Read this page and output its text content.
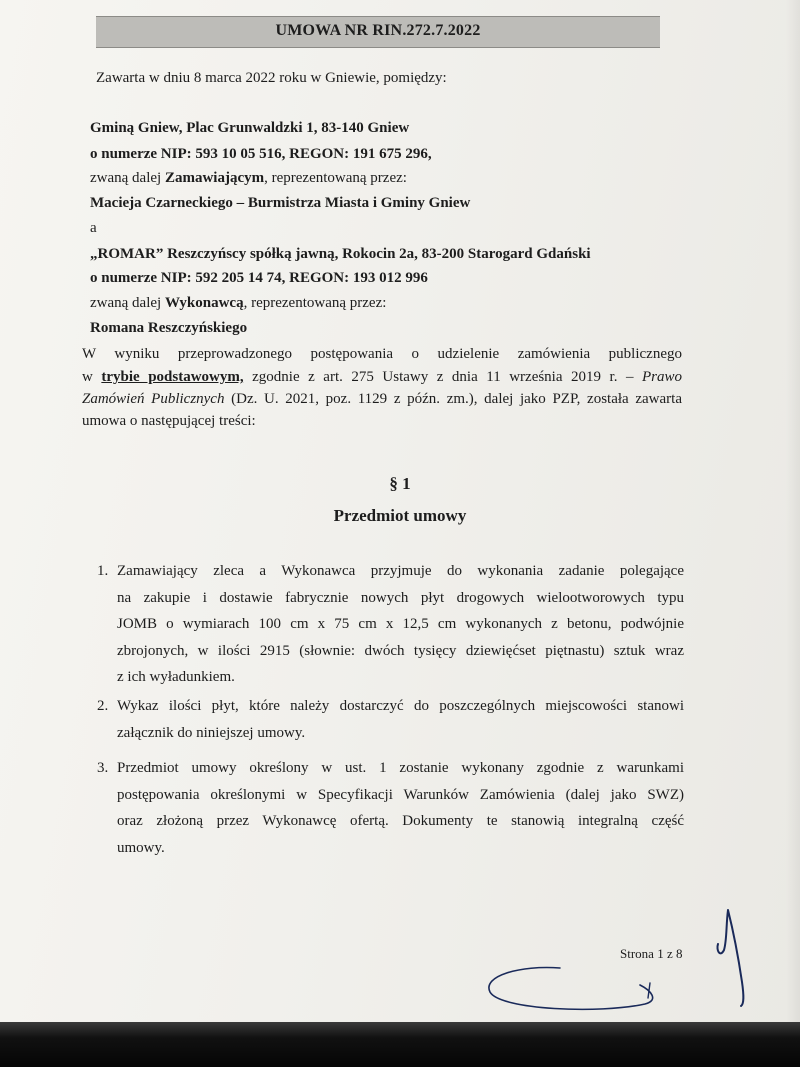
UMOWA NR RIN.272.7.2022
Zawarta w dniu 8 marca 2022 roku w Gniewie, pomiędzy:
Gminą Gniew, Plac Grunwaldzki 1, 83-140 Gniew
o numerze NIP: 593 10 05 516, REGON: 191 675 296,
zwaną dalej Zamawiającym, reprezentowaną przez:
Macieja Czarneckiego – Burmistrza Miasta i Gminy Gniew
a
„ROMAR” Reszczyńscy spółką jawną, Rokocin 2a, 83-200 Starogard Gdański
o numerze NIP: 592 205 14 74, REGON: 193 012 996
zwaną dalej Wykonawcą, reprezentowaną przez:
Romana Reszczyńskiego
W wyniku przeprowadzonego postępowania o udzielenie zamówienia publicznego
w trybie podstawowym, zgodnie z art. 275 Ustawy z dnia 11 września 2019 r. – Prawo
Zamówień Publicznych (Dz. U. 2021, poz. 1129 z późn. zm.), dalej jako PZP, została zawarta
umowa o następującej treści:
§ 1
Przedmiot umowy
1. Zamawiający zleca a Wykonawca przyjmuje do wykonania zadanie polegające
na zakupie i dostawie fabrycznie nowych płyt drogowych wielootworowych typu
JOMB o wymiarach 100 cm x 75 cm x 12,5 cm wykonanych z betonu, podwójnie
zbrojonych, w ilości 2915 (słownie: dwóch tysięcy dziewięćset piętnastu) sztuk wraz
z ich wyładunkiem.
2. Wykaz ilości płyt, które należy dostarczyć do poszczególnych miejscowości stanowi
załącznik do niniejszej umowy.
3. Przedmiot umowy określony w ust. 1 zostanie wykonany zgodnie z warunkami
postępowania określonymi w Specyfikacji Warunków Zamówienia (dalej jako SWZ)
oraz złożoną przez Wykonawcę ofertą. Dokumenty te stanowią integralną część
umowy.
Strona 1 z 8
